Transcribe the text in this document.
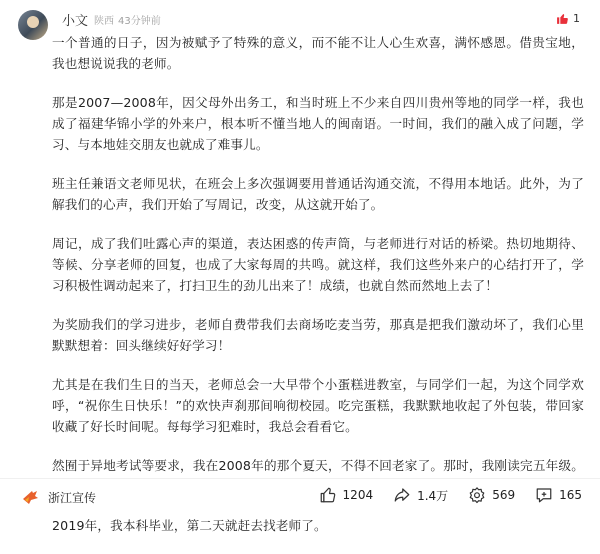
小文 陕西 43分钟前	1

一个普通的日子，因为被赋予了特殊的意义，而不能不让人心生欢喜，满怀感恩。借贵宝地，我也想说说我的老师。

那是2007—2008年，因父母外出务工，和当时班上不少来自四川贵州等地的同学一样，我也成了福建华锦小学的外来户，根本听不懂当地人的闽南语。一时间，我们的融入成了问题，学习、与本地娃交朋友也就成了难事儿。

班主任兼语文老师见状，在班会上多次强调要用普通话沟通交流，不得用本地话。此外，为了解我们的心声，我们开始了写周记，改变，从这就开始了。

周记，成了我们吐露心声的渠道，表达困惑的传声筒，与老师进行对话的桥梁。热切地期待、等候、分享老师的回复，也成了大家每周的共鸣。就这样，我们这些外来户的心结打开了，学习积极性调动起来了，打扫卫生的劲儿出来了！成绩，也就自然而然地上去了！

为奖励我们的学习进步，老师自费带我们去商场吃麦当劳，那真是把我们激动坏了，我们心里默默想着：回头继续好好学习！

尤其是在我们生日的当天，老师总会一大早带个小蛋糕进教室，与同学们一起，为这个同学欢呼，“祝你生日快乐！”的欢快声刹那间响彻校园。吃完蛋糕，我默默地收起了外包装，带回家收藏了好长时间呢。每每学习犯难时，我总会看看它。

然囿于异地考试等要求，我在2008年的那个夏天，不得不回老家了。那时，我刚读完五年级。

2019年，我本科毕业，第二天就赶去找老师了。

浙江宣传	1204	1.4万	569	165
